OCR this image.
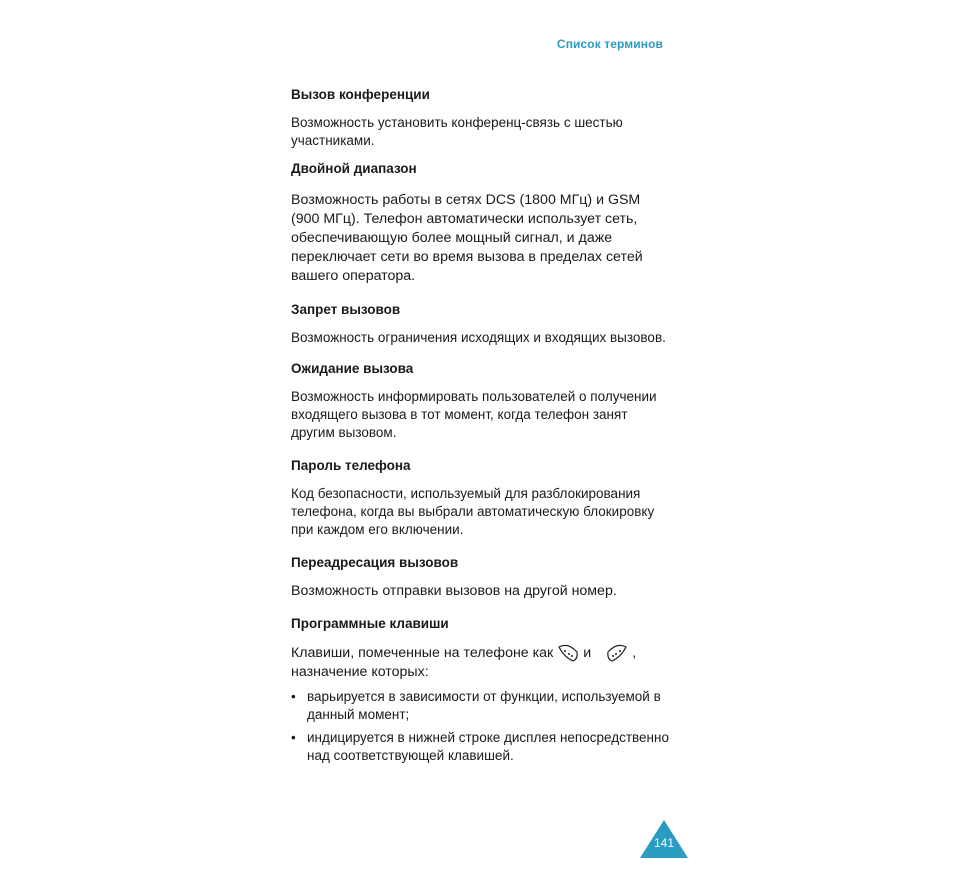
Список терминов

Вызов конференции

Возможность установить конференц-связь с шестью участниками.

Двойной диапазон

Возможность работы в сетях DCS (1800 МГц) и GSM (900 МГц). Телефон автоматически использует сеть, обеспечивающую более мощный сигнал, и даже переключает сети во время вызова в пределах сетей вашего оператора.

Запрет вызовов

Возможность ограничения исходящих и входящих вызовов.

Ожидание вызова

Возможность информировать пользователей о получении входящего вызова в тот момент, когда телефон занят другим вызовом.

Пароль телефона

Код безопасности, используемый для разблокирования телефона, когда вы выбрали автоматическую блокировку при каждом его включении.

Переадресация вызовов

Возможность отправки вызовов на другой номер.

Программные клавиши

Клавиши, помеченные на телефоне как и	,
назначение которых:

• варьируется в зависимости от функции, используемой в данный момент;
• индицируется в нижней строке дисплея непосредственно над соответствующей клавишей.
141
